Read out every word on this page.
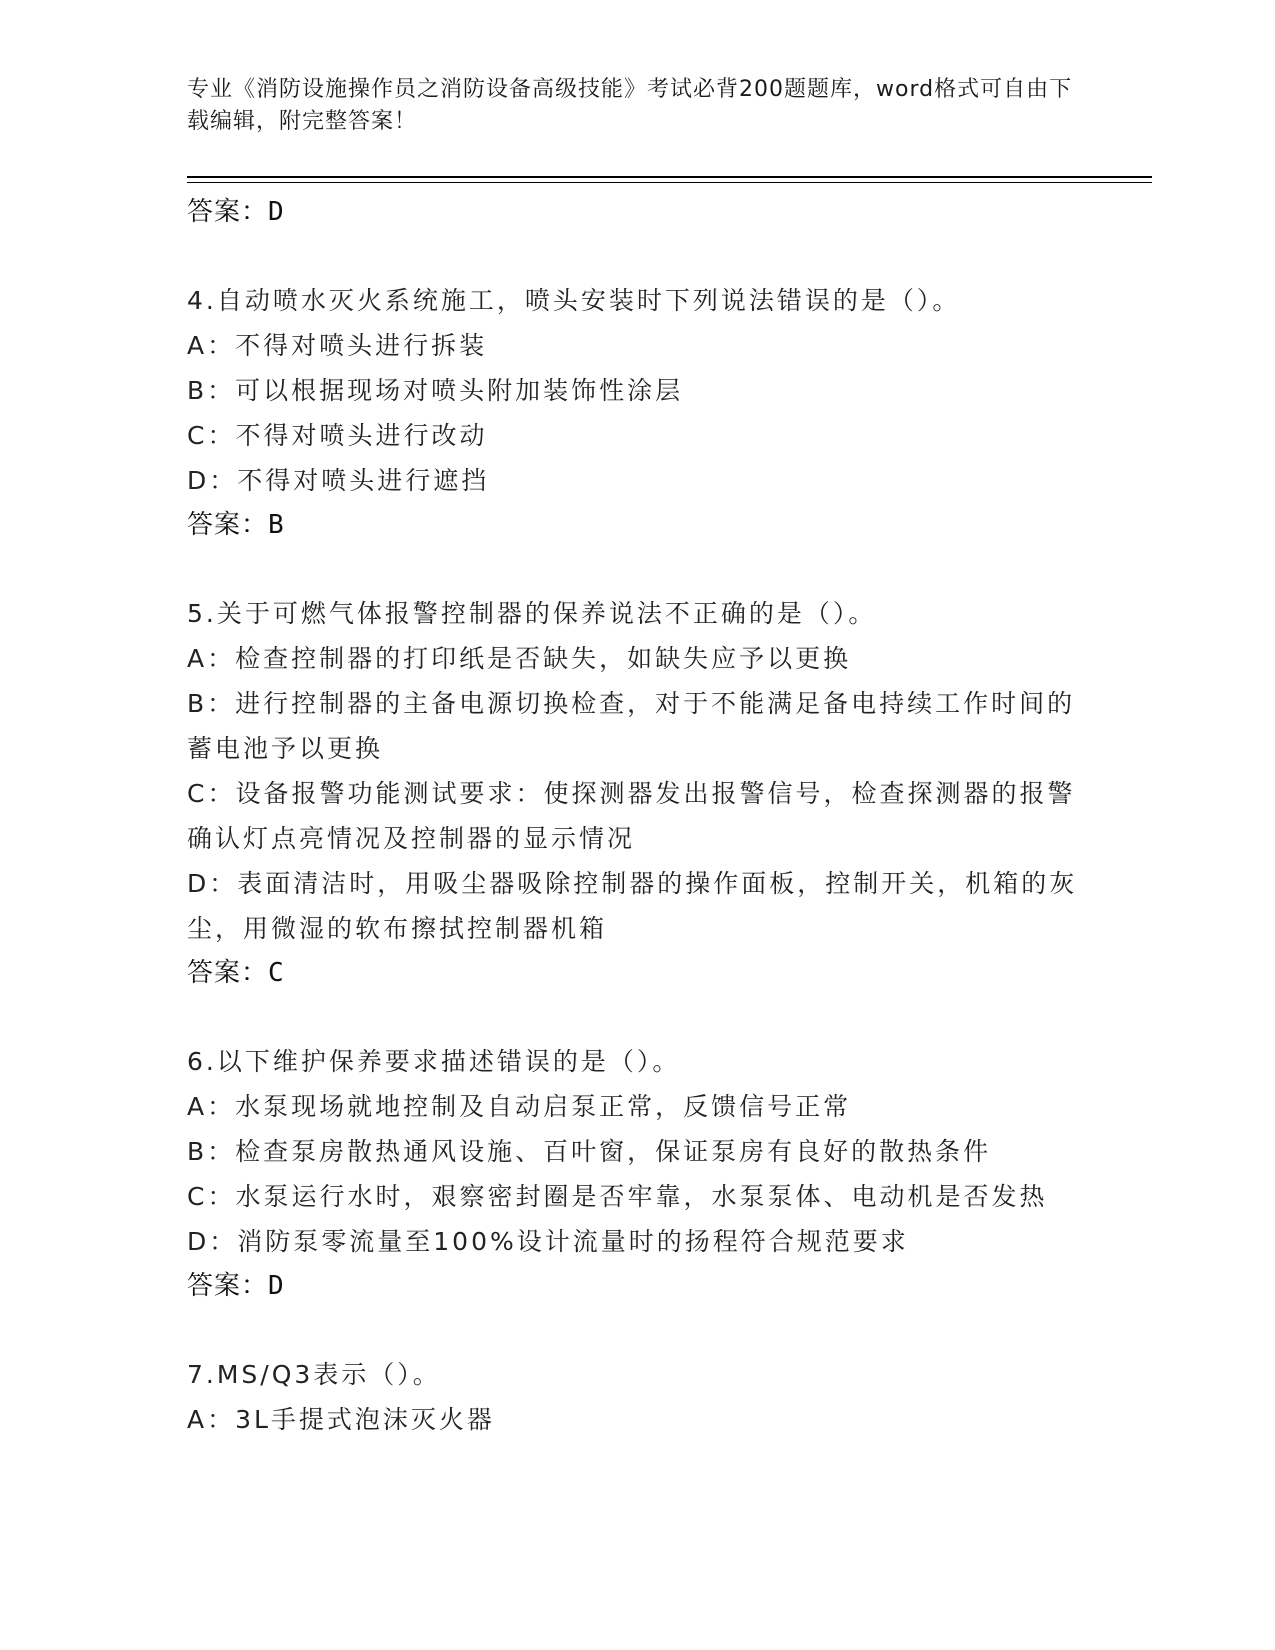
专业《消防设施操作员之消防设备高级技能》考试必背200题题库，word格式可自由下载编辑，附完整答案！
答案：D

4.自动喷水灭火系统施工，喷头安装时下列说法错误的是（）。

A：不得对喷头进行拆装

B：可以根据现场对喷头附加装饰性涂层

C：不得对喷头进行改动

D：不得对喷头进行遮挡

答案：B

5.关于可燃气体报警控制器的保养说法不正确的是（）。

A：检查控制器的打印纸是否缺失，如缺失应予以更换

B：进行控制器的主备电源切换检查，对于不能满足备电持续工作时间的蓄电池予以更换

C：设备报警功能测试要求：使探测器发出报警信号，检查探测器的报警确认灯点亮情况及控制器的显示情况

D：表面清洁时，用吸尘器吸除控制器的操作面板，控制开关，机箱的灰尘，用微湿的软布擦拭控制器机箱

答案：C

6.以下维护保养要求描述错误的是（）。

A：水泵现场就地控制及自动启泵正常，反馈信号正常

B：检查泵房散热通风设施、百叶窗，保证泵房有良好的散热条件

C：水泵运行水时，艰察密封圈是否牢靠，水泵泵体、电动机是否发热

D：消防泵零流量至100%设计流量时的扬程符合规范要求

答案：D

7.MS/Q3表示（）。

A：3L手提式泡沫灭火器
